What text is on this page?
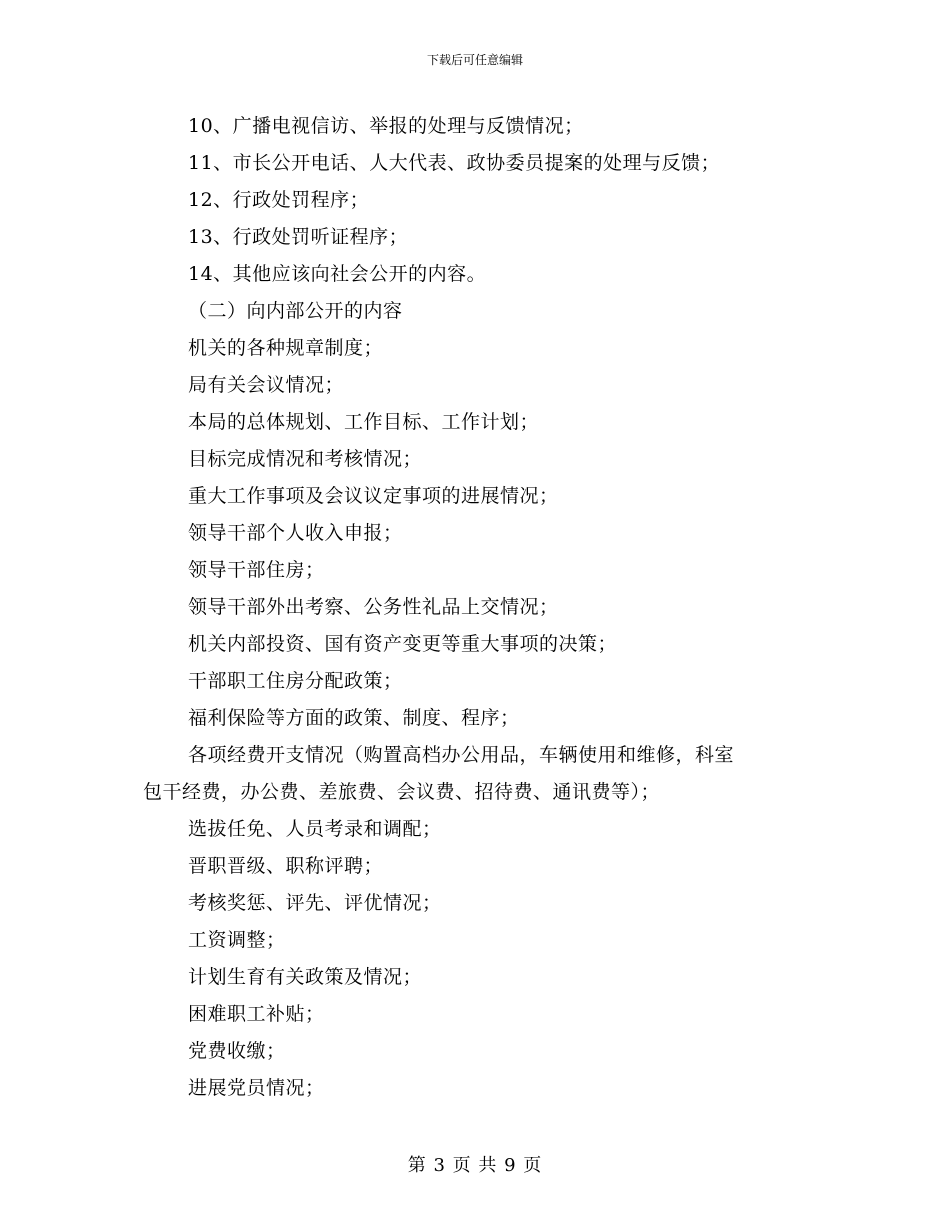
下载后可任意编辑
10、广播电视信访、举报的处理与反馈情况；
11、市长公开电话、人大代表、政协委员提案的处理与反馈；
12、行政处罚程序；
13、行政处罚听证程序；
14、其他应该向社会公开的内容。
（二）向内部公开的内容
机关的各种规章制度；
局有关会议情况；
本局的总体规划、工作目标、工作计划；
目标完成情况和考核情况；
重大工作事项及会议议定事项的进展情况；
领导干部个人收入申报；
领导干部住房；
领导干部外出考察、公务性礼品上交情况；
机关内部投资、国有资产变更等重大事项的决策；
干部职工住房分配政策；
福利保险等方面的政策、制度、程序；
各项经费开支情况（购置高档办公用品，车辆使用和维修，科室
包干经费，办公费、差旅费、会议费、招待费、通讯费等）；
选拔任免、人员考录和调配；
晋职晋级、职称评聘；
考核奖惩、评先、评优情况；
工资调整；
计划生育有关政策及情况；
困难职工补贴；
党费收缴；
进展党员情况；
第 3 页 共 9 页
